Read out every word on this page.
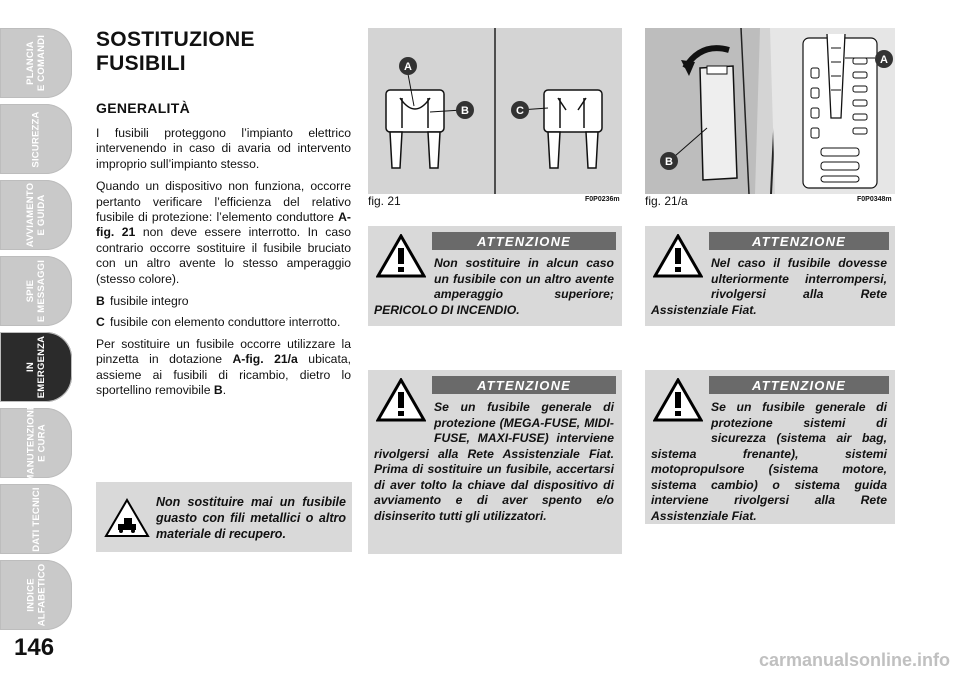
PLANCIA
E COMANDI
SICUREZZA
AVVIAMENTO
E GUIDA
SPIE
E MESSAGGI
IN EMERGENZA
MANUTENZIONE
E CURA
DATI TECNICI
INDICE
ALFABETICO
146
SOSTITUZIONE FUSIBILI
GENERALITÀ

I fusibili proteggono l’impianto elettrico intervenendo in caso di avaria od intervento improprio sull’impianto stesso.

Quando un dispositivo non funziona, occorre pertanto verificare l’efficienza del relativo fusibile di protezione: l’elemento conduttore A- fig. 21 non deve essere interrotto. In caso contrario occorre sostituire il fusibile bruciato con un altro avente lo stesso amperaggio (stesso colore).

B fusibile integro
C fusibile con elemento conduttore interrotto.

Per sostituire un fusibile occorre utilizzare la pinzetta in dotazione A-fig. 21/a ubicata, assieme ai fusibili di ricambio, dietro lo sportellino removibile B.

Non sostituire mai un fusibile guasto con fili metallici o altro materiale di recupero.
A
B	C
fig. 21	F0P0236m
A
B
fig. 21/a	F0P0348m
ATTENZIONE
Non sostituire in alcun caso un fusibile con un altro avente amperaggio superiore; PERICOLO DI INCENDIO.
ATTENZIONE
Nel caso il fusibile dovesse ulteriormente interrompersi, rivolgersi alla Rete Assistenziale Fiat.
ATTENZIONE
Se un fusibile generale di protezione (MEGA-FUSE, MIDI-FUSE, MAXI-FUSE) interviene rivolgersi alla Rete Assistenziale Fiat. Prima di sostituire un fusibile, accertarsi di aver tolto la chiave dal dispositivo di avviamento e di aver spento e/o disinserito tutti gli utilizzatori.
ATTENZIONE
Se un fusibile generale di protezione sistemi di sicurezza (sistema air bag, sistema frenante), sistemi motopropulsore (sistema motore, sistema cambio) o sistema guida interviene rivolgersi alla Rete Assistenziale Fiat.
carmanualsonline.info
